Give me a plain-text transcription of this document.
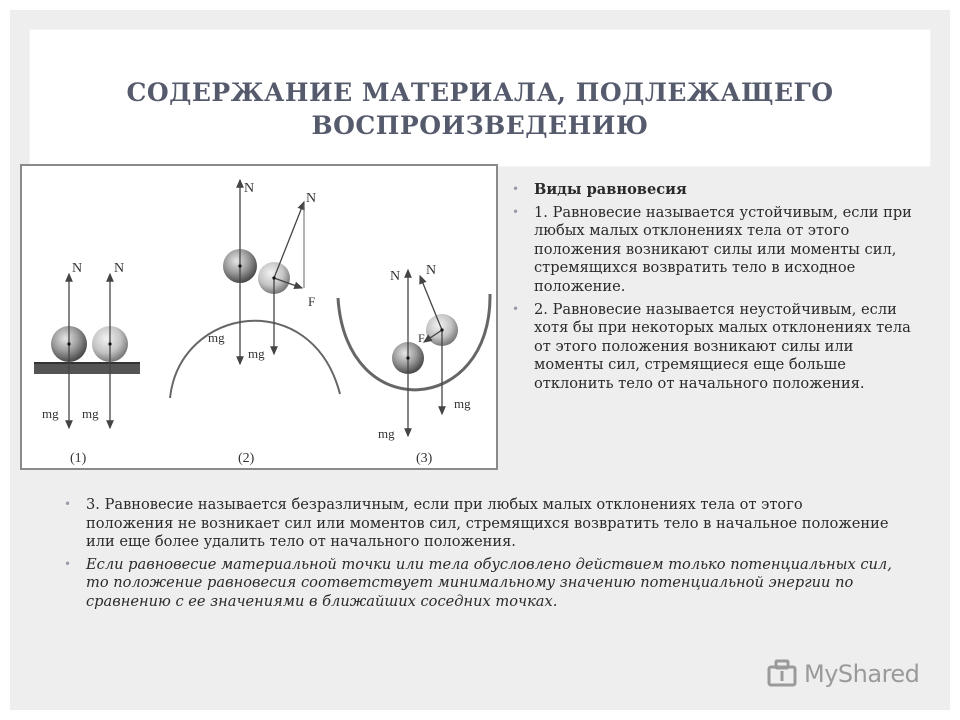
СОДЕРЖАНИЕ МАТЕРИАЛА, ПОДЛЕЖАЩЕГО
ВОСПРОИЗВЕДЕНИЮ
N N
mg mg
(1)
N
N
F
mg
mg
(2)
N N
F
mg
mg
(3)
• Виды равновесия
• 1. Равновесие называется устойчивым, если при любых малых отклонениях тела от этого положения возникают силы или моменты сил, стремящихся возвратить тело в исходное положение.
• 2. Равновесие называется неустойчивым, если хотя бы при некоторых малых отклонениях тела от этого положения возникают силы или моменты сил, стремящиеся еще больше отклонить тело от начального положения.
• 3. Равновесие называется безразличным, если при любых малых отклонениях тела от этого положения не возникает сил или моментов сил, стремящихся возвратить тело в начальное положение или еще более удалить тело от начального положения.
• Если равновесие материальной точки или тела обусловлено действием только потенциальных сил, то положение равновесия соответствует минимальному значению потенциальной энергии по сравнению с ее значениями в ближайших соседних точках.
MyShared
